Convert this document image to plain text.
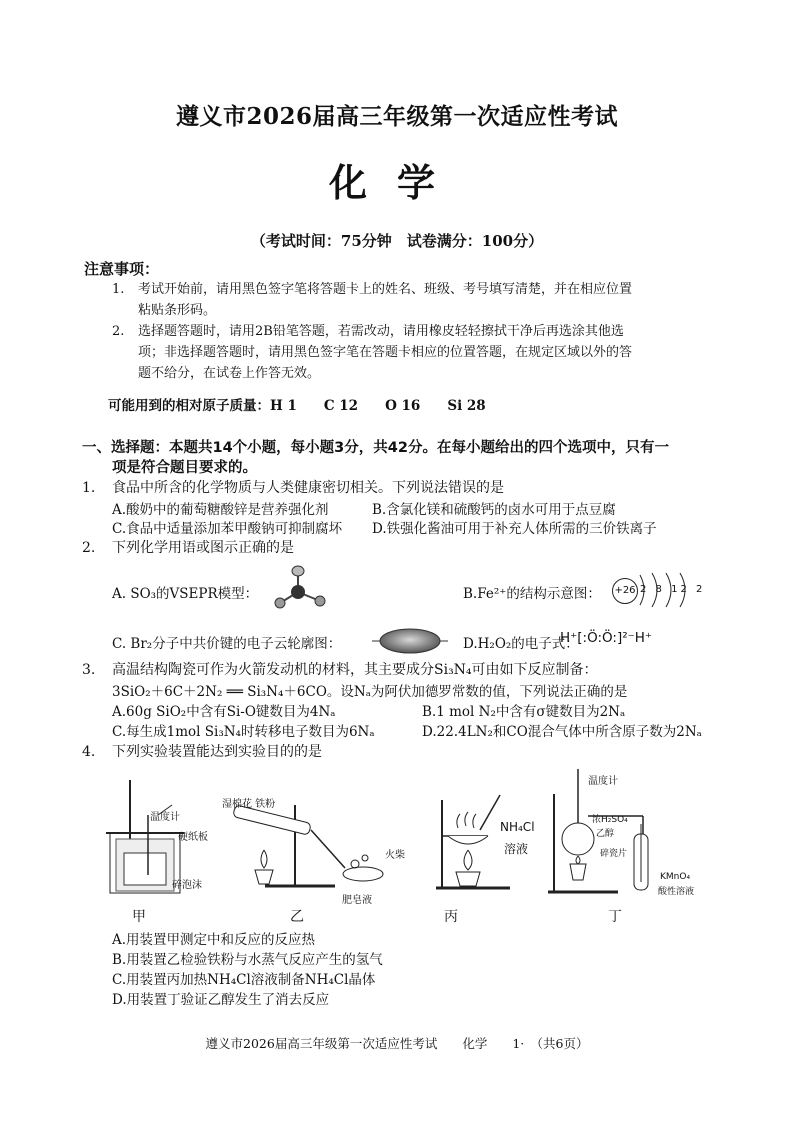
遵义市2026届高三年级第一次适应性考试
化学
（考试时间：75分钟　试卷满分：100分）
注意事项：
1. 考试开始前，请用黑色签字笔将答题卡上的姓名、班级、考号填写清楚，并在相应位置
粘贴条形码。
2. 选择题答题时，请用2B铅笔答题，若需改动，请用橡皮轻轻擦拭干净后再选涂其他选
项；非选择题答题时，请用黑色签字笔在答题卡相应的位置答题，在规定区域以外的答
题不给分，在试卷上作答无效。
可能用到的相对原子质量：H 1　　C 12　　O 16　　Si 28
一、选择题：本题共14个小题，每小题3分，共42分。在每小题给出的四个选项中，只有一
项是符合题目要求的。
1. 食品中所含的化学物质与人类健康密切相关。下列说法错误的是
A.酸奶中的葡萄糖酸锌是营养强化剂	B.含氯化镁和硫酸钙的卤水可用于点豆腐
C.食品中适量添加苯甲酸钠可抑制腐坏 D.铁强化酱油可用于补充人体所需的三价铁离子
2. 下列化学用语或图示正确的是
A. SO₃的VSEPR模型：	B.Fe²⁺的结构示意图： +26 2 8 12 2
C. Br₂分子中共价键的电子云轮廓图：	D.H₂O₂的电子式：
H⁺[:Ö:Ö:]²⁻H⁺
3. 高温结构陶瓷可作为火箭发动机的材料，其主要成分Si₃N₄可由如下反应制备：
3SiO₂＋6C＋2N₂ ══ Si₃N₄＋6CO。设Nₐ为阿伏加德罗常数的值，下列说法正确的是
A.60g SiO₂中含有Si-O键数目为4Nₐ	B.1 mol N₂中含有σ键数目为2Nₐ
C.每生成1mol Si₃N₄时转移电子数目为6Nₐ	D.22.4LN₂和CO混合气体中所含原子数为2Nₐ
4. 下列实验装置能达到实验目的的是
温度计
硬纸板
碎泡沫
甲
湿棉花 铁粉
火柴
肥皂液
乙
NH₄Cl
溶液
丙
温度计
浓H₂SO₄
乙醇
碎瓷片
KMnO₄
酸性溶液
丁
A.用装置甲测定中和反应的反应热
B.用装置乙检验铁粉与水蒸气反应产生的氢气
C.用装置丙加热NH₄Cl溶液制备NH₄Cl晶体
D.用装置丁验证乙醇发生了消去反应
遵义市2026届高三年级第一次适应性考试　　化学　　1·　（共6页）
